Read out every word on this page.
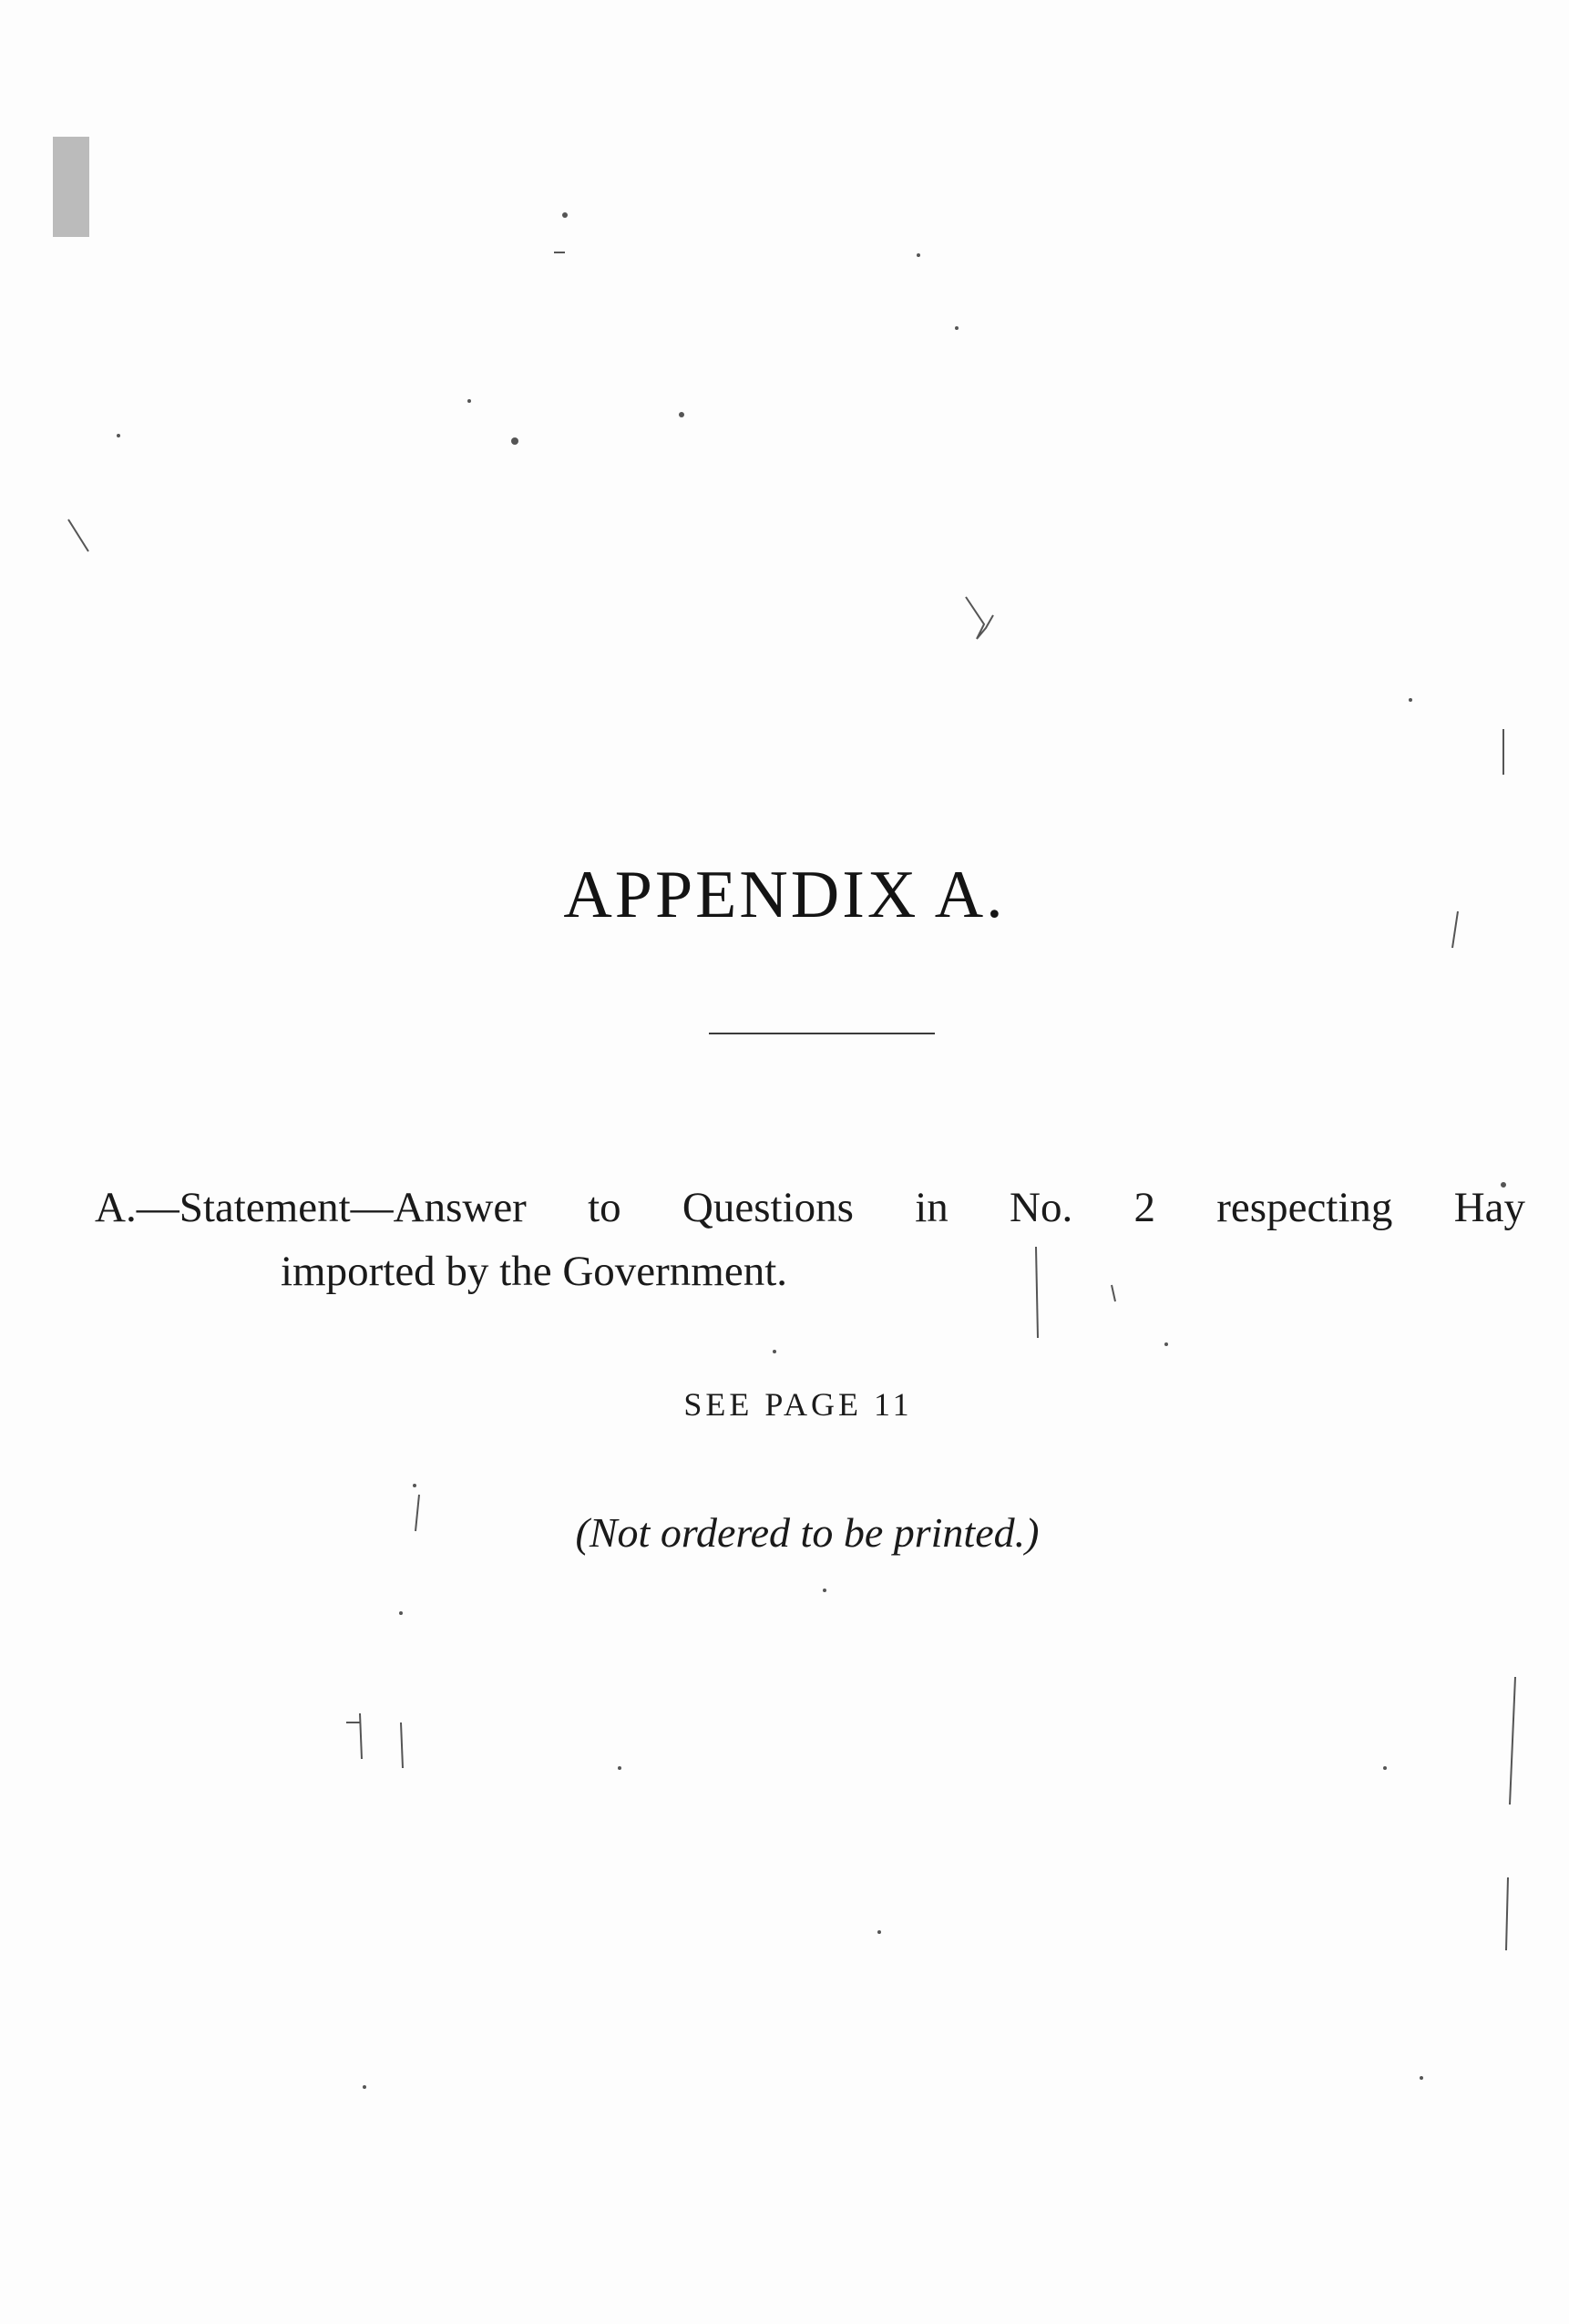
APPENDIX A.

A.—Statement—Answer to Questions in No. 2 respecting Hay
imported by the Government.

SEE PAGE 11

(Not ordered to be printed.)
